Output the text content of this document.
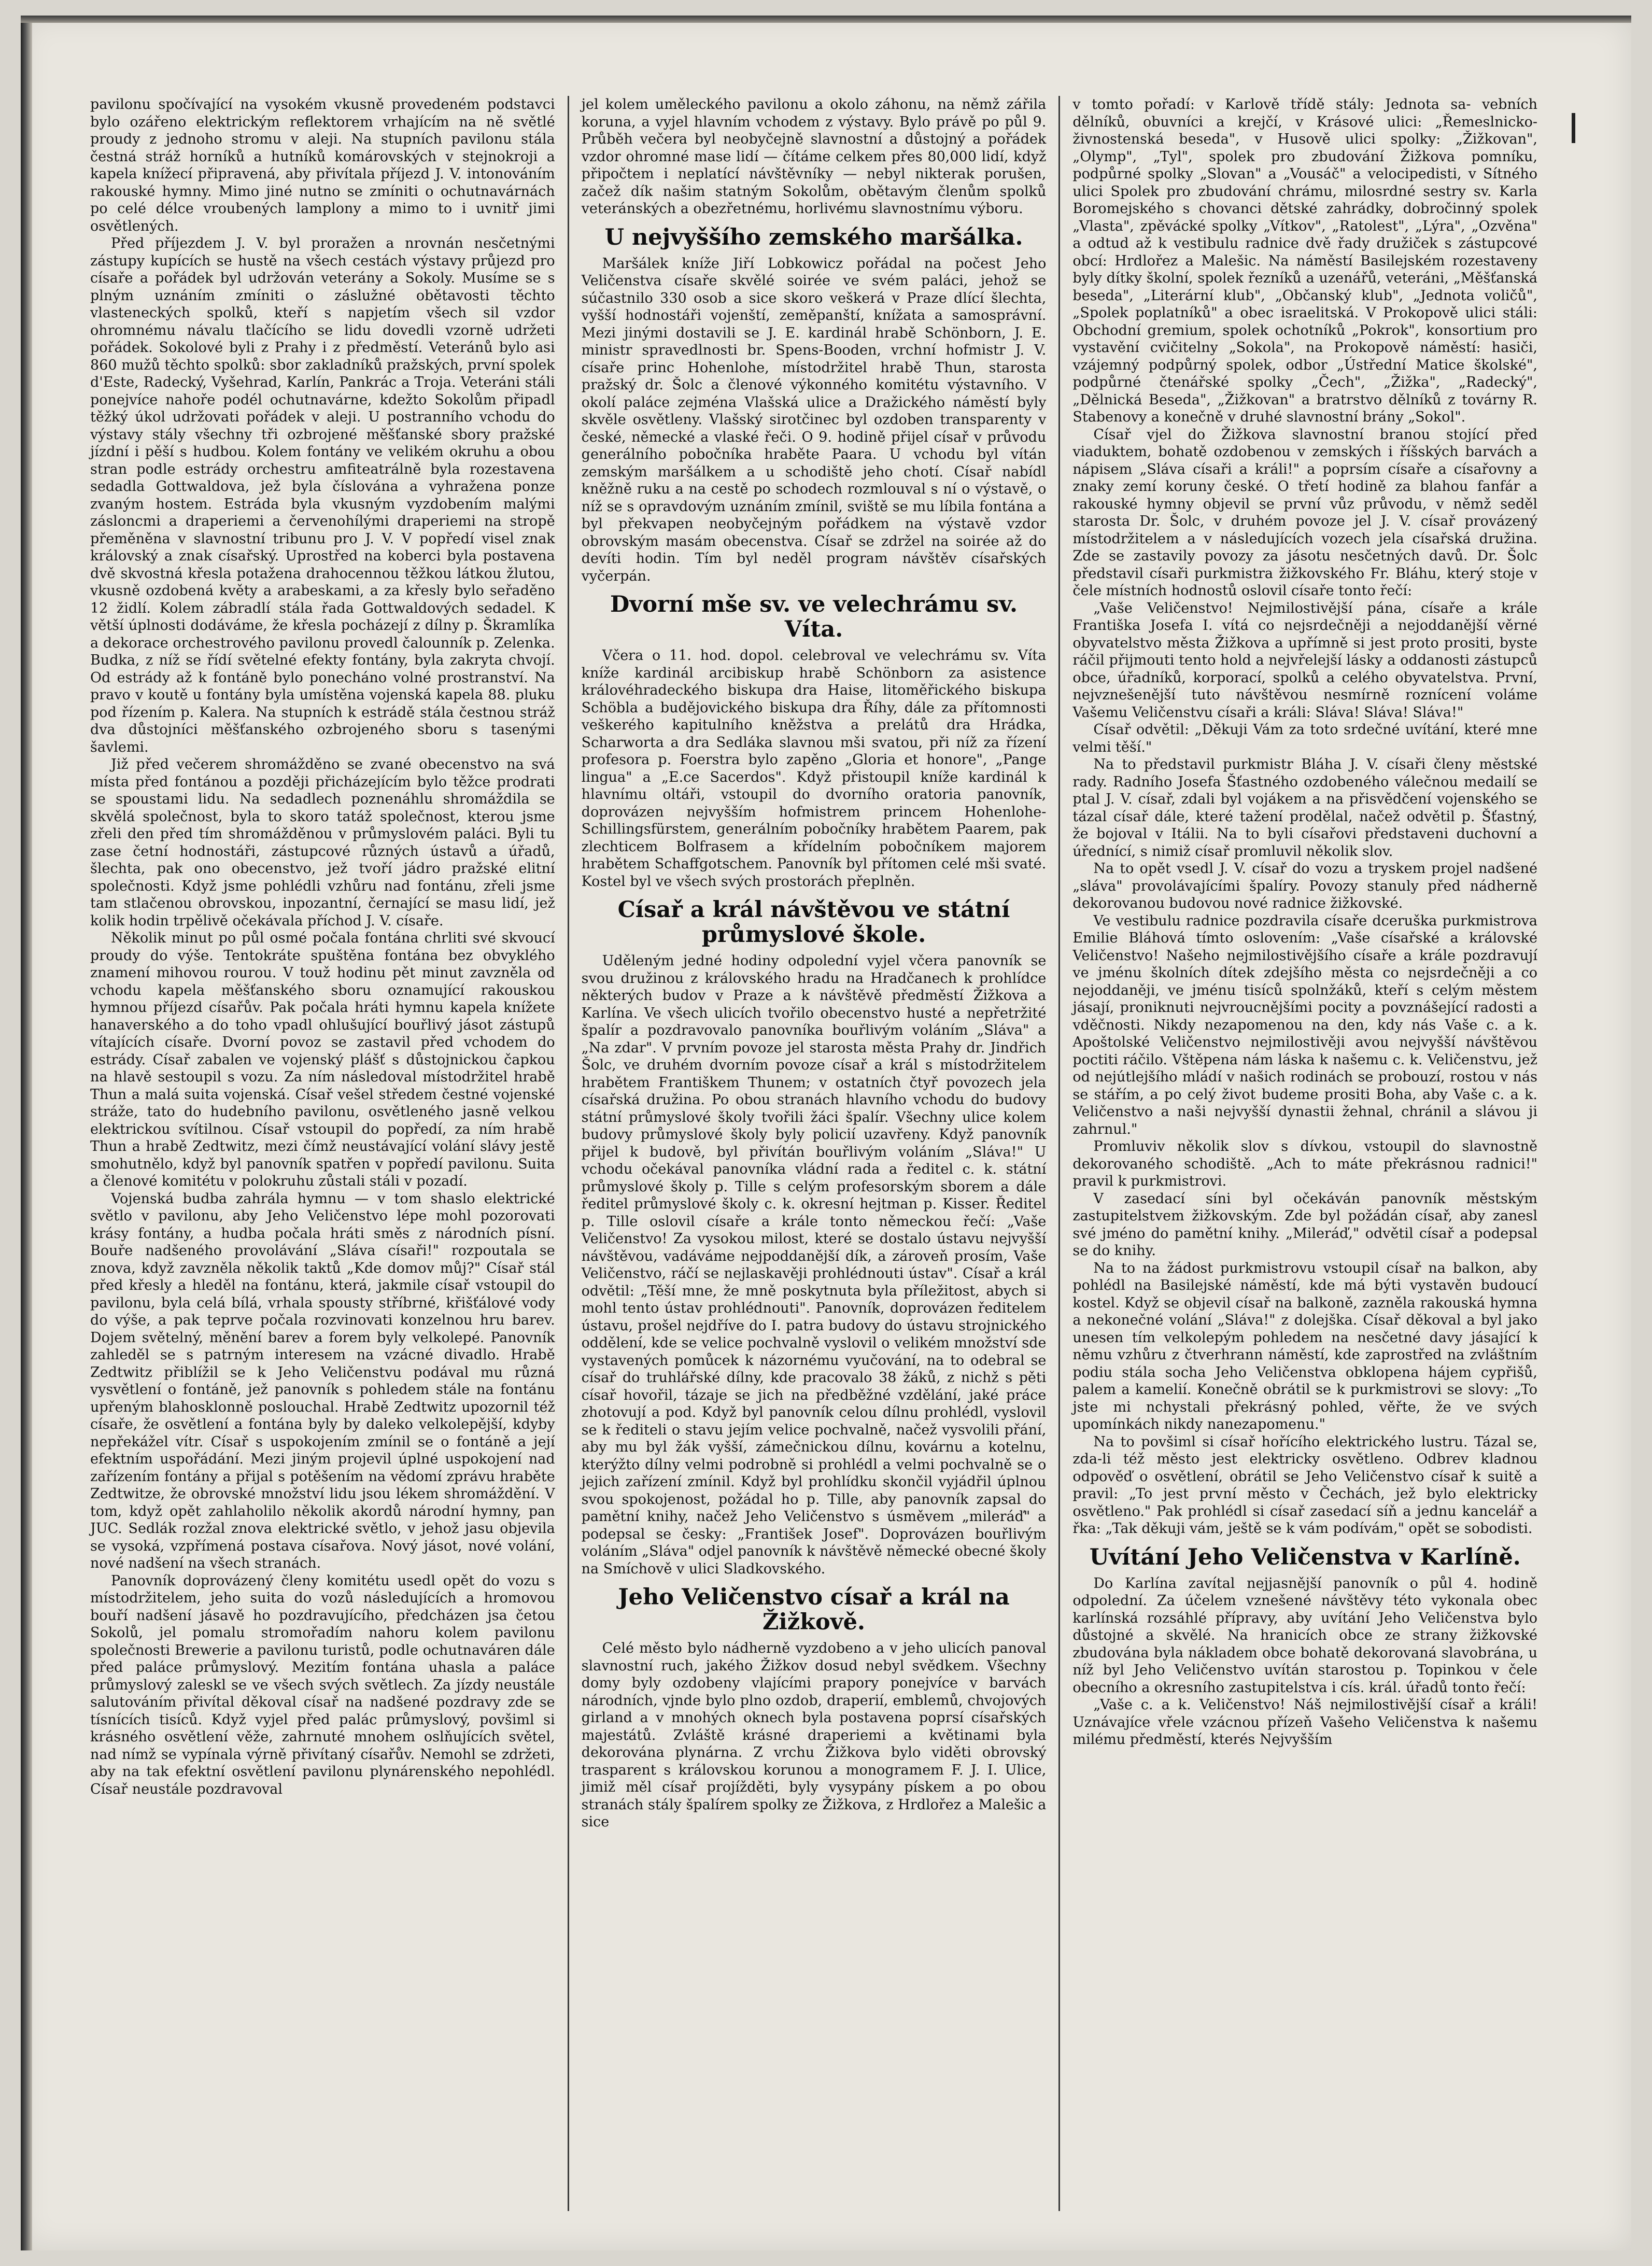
pavilonu spočívající na vysokém vkusně provedeném podstavci bylo ozářeno elektrickým reflektorem vrhajícím na ně světlé proudy z jednoho stromu v aleji. Na stupních pavilonu stála čestná stráž horníků a hutníků komárovských v stejnokroji a kapela knížecí připravená, aby přivítala příjezd J. V. intonováním rakouské hymny. Mimo jiné nutno se zmíniti o ochutnavárnách po celé délce vroubených lamplony a mimo to i uvnitř jimi osvětlených.

Před příjezdem J. V. byl proražen a nrovnán nesčetnými zástupy kupících se hustě na všech cestách výstavy průjezd pro císaře a pořádek byl udržován veterány a Sokoly. Musíme se s plným uznáním zmíniti o záslužné obětavosti těchto vlasteneckých spolků, kteří s napjetím všech sil vzdor ohromnému návalu tlačícího se lidu dovedli vzorně udržeti pořádek. Sokolové byli z Prahy i z předměstí. Veteránů bylo asi 860 mužů těchto spolků: sbor zakladníků pražských, první spolek d'Este, Radecký, Vyšehrad, Karlín, Pankrác a Troja. Veteráni stáli ponejvíce nahoře podél ochutnavárne, kdežto Sokolům připadl těžký úkol udržovati pořádek v aleji. U postranního vchodu do výstavy stály všechny tři ozbrojené měšťanské sbory pražské jízdní i pěší s hudbou. Kolem fontány ve velikém okruhu a obou stran podle estrády orchestru amfiteatrálně byla rozestavena sedadla Gottwaldova, jež byla číslována a vyhražena ponze zvaným hostem. Estráda byla vkusným vyzdobením malými zásloncmi a draperiemi a červenohílými draperiemi na stropě přeměněna v slavnostní tribunu pro J. V. V popředí visel znak královský a znak císařský. Uprostřed na koberci byla postavena dvě skvostná křesla potažena drahocennou těžkou látkou žlutou, vkusně ozdobená květy a arabeskami, a za křesly bylo seřaděno 12 židlí. Kolem zábradlí stála řada Gottwaldových sedadel. K větší úplnosti dodáváme, že křesla pocházejí z dílny p. Škramlíka a dekorace orchestrového pavilonu provedl čalounník p. Zelenka. Budka, z níž se řídí světelné efekty fontány, byla zakryta chvojí. Od estrády až k fontáně bylo ponecháno volné prostranství. Na pravo v koutě u fontány byla umístěna vojenská kapela 88. pluku pod řízením p. Kalera. Na stupních k estrádě stála čestnou stráž dva důstojníci měšťanského ozbrojeného sboru s tasenými šavlemi.

Již před večerem shromážděno se zvané obecenstvo na svá místa před fontánou a později přicházejícím bylo těžce prodrati se spoustami lidu. Na sedadlech poznenáhlu shromáždila se skvělá společnost, byla to skoro tatáž společnost, kterou jsme zřeli den před tím shromážděnou v průmyslovém paláci. Byli tu zase četní hodnostáři, zástupcové různých ústavů a úřadů, šlechta, pak ono obecenstvo, jež tvoří jádro pražské elitní společnosti. Když jsme pohlédli vzhůru nad fontánu, zřeli jsme tam stlačenou obrovskou, inpozantní, černající se masu lidí, jež kolik hodin trpělivě očekávala příchod J. V. císaře.

Několik minut po půl osmé počala fontána chrliti své skvoucí proudy do výše. Tentokráte spuštěna fontána bez obvyklého znamení mihovou rourou. V touž hodinu pět minut zavzněla od vchodu kapela měšťanského sboru oznamující rakouskou hymnou příjezd císařův. Pak počala hráti hymnu kapela knížete hanaverského a do toho vpadl ohlušující bouřlivý jásot zástupů vítajících císaře. Dvorní povoz se zastavil před vchodem do estrády. Císař zabalen ve vojenský plášť s důstojnickou čapkou na hlavě sestoupil s vozu. Za ním následoval místodržitel hrabě Thun a malá suita vojenská. Císař vešel středem čestné vojenské stráže, tato do hudebního pavilonu, osvětleného jasně velkou elektrickou svítilnou. Císař vstoupil do popředí, za ním hrabě Thun a hrabě Zedtwitz, mezi čímž neustávající volání slávy jestě smohutnělo, když byl panovník spatřen v popředí pavilonu. Suita a členové komitétu v polokruhu zůstali stáli v pozadí.

Vojenská budba zahrála hymnu — v tom shaslo elektrické světlo v pavilonu, aby Jeho Veličenstvo lépe mohl pozorovati krásy fontány, a hudba počala hráti směs z národních písní. Bouře nadšeného provolávání „Sláva císaři!" rozpoutala se znova, když zavzněla několik taktů „Kde domov můj?" Císař stál před křesly a hleděl na fontánu, která, jakmile císař vstoupil do pavilonu, byla celá bílá, vrhala spousty stříbrné, křišťálové vody do výše, a pak teprve počala rozvinovati konzelnou hru barev. Dojem světelný, měnění barev a forem byly velkolepé. Panovník zahleděl se s patrným interesem na vzácné divadlo. Hrabě Zedtwitz přiblížil se k Jeho Veličenstvu podával mu různá vysvětlení o fontáně, jež panovník s pohledem stále na fontánu upřeným blahosklonně poslouchal. Hrabě Zedtwitz upozornil též císaře, že osvětlení a fontána byly by dalekо velkolepější, kdyby nepřekážel vítr. Císař s uspokojením zmínil se o fontáně a její efektním uspořádání. Mezi jiným projevil úplné uspokojení nad zařízením fontány a přijal s potěšením na vědomí zprávu hraběte Zedtwitze, že obrovské množství lidu jsou lékem shromáždění. V tom, když opět zahlaholilo několik akordů národní hymny, pan JUC. Sedlák rozžal znova elektrické světlo, v jehož jasu objevila se vysoká, vzpřímená postava císařova. Nový jásot, nové volání, nové nadšení na všech stranách.

Panovník doprovázený členy komitétu usedl opět do vozu s místodržitelem, jeho suita do vozů následujících a hromovou bouří nadšení jásavě ho pozdravujícího, předcházen jsa četou Sokolů, jel pomalu stromořadím nahoru kolem pavilonu společnosti Brewerie a pavilonu turistů, podle ochutnaváren dále před paláce průmyslový. Mezitím fontána uhasla a paláce průmyslový zaleskl se ve všech svých světlech. Za jízdy neustále salutováním přivítal děkoval císař na nadšené pozdravy zde se tísnících tisíců. Když vyjel před palác průmyslový, povšiml si krásného osvětlení věže, zahrnuté mnohem oslňujících světel, nad nímž se vypínala výrně přivítaný císařův. Nemohl se zdržeti, aby na tak efektní osvětlení pavilonu plynárenského nepohlédl. Císař neustále pozdravoval

jel kolem uměleckého pavilonu a okolo záhonu, na němž zářila koruna, a vyjel hlavním vchodem z výstavy. Bylo právě po půl 9. Průběh večera byl neobyčejně slavnostní a důstojný a pořádek vzdor ohromné mase lidí — čítáme celkem přes 80,000 lidí, když připočtem i neplatící návštěvníky — nebyl nikterak porušen, začež dík našim statným Sokolům, obětavým členům spolků veteránských a obezřetnému, horlivému slavnostnímu výboru.

U nejvyššího zemského maršálka.

Maršálek kníže Jiří Lobkowicz pořádal na počest Jeho Veličenstva císaře skvělé soirée ve svém paláci, jehož se súčastnilo 330 osob a sice skoro veškerá v Praze dlící šlechta, vyšší hodnostáři vojenští, zeměpanští, knížata a samosprávní. Mezi jinými dostavili se J. E. kardinál hrabě Schönborn, J. E. ministr spravedlnosti br. Spens-Booden, vrchní hofmistr J. V. císaře princ Hohenlohe, místodržitel hrabě Thun, starosta pražský dr. Šolc a členové výkonného komitétu výstavního. V okolí paláce zejména Vlašská ulice a Dražického náměstí byly skvěle osvětleny. Vlašský sirotčinec byl ozdoben transparenty v české, německé a vlaské řeči. O 9. hodině přijel císař v průvodu generálního pobočníka hraběte Paara. U vchodu byl vítán zemským maršálkem a u schodiště jeho chotí. Císař nabídl kněžně ruku a na cestě po schodech rozmlouval s ní o výstavě, o níž se s opravdovým uznáním zmínil, sviště se mu líbila fontána a byl překvapen neobyčejným pořádkem na výstavě vzdor obrovským masám obecenstva. Císař se zdržel na soirée až do devíti hodin. Tím byl neděl program návštěv císařských vyčerpán.

Dvorní mše sv. ve velechrámu sv. Víta.

Včera o 11. hod. dopol. celebroval ve velechrámu sv. Víta kníže kardinál arcibiskup hrabě Schönborn za asistence královéhradeckého biskupa dra Haise, litoměřického biskupa Schöbla a budějovického biskupa dra Říhy, dále za přítomnosti veškerého kapitulního kněžstva a prelátů dra Hrádka, Scharworta a dra Sedláka slavnou mši svatou, při níž za řízení profesora p. Foerstra bylo zapěno „Gloria et honore", „Pange lingua" a „E.ce Sacerdos". Když přistoupil kníže kardinál k hlavnímu oltáři, vstoupil do dvorního oratoria panovník, doprovázen nejvyšším hofmistrem princem Hohenlohe-Schillingsfürstem, generálním pobočníky hrabětem Paarem, pak zlechticem Bolfrasem a křídelním pobočníkem majorem hrabětem Schaffgotschem. Panovník byl přítomen celé mši svaté. Kostel byl ve všech svých prostorách přeplněn.

Císař a král návštěvou ve státní průmyslové škole.

Uděleným jedné hodiny odpolední vyjel včera panovník se svou družinou z královského hradu na Hradčanech k prohlídce některých budov v Praze a k návštěvě předměstí Žižkova a Karlína. Ve všech ulicích tvořilo obecenstvo husté a nepřetržité špalír a pozdravovalo panovníka bouřlivým voláním „Sláva" a „Na zdar". V prvním povoze jel starosta města Prahy dr. Jindřich Šolc, ve druhém dvorním povoze císař a král s místodržitelem hrabětem Františkem Thunem; v ostatních čtyř povozech jela císařská družina. Po obou stranách hlavního vchodu do budovy státní průmyslové školy tvořili žáci špalír. Všechny ulice kolem budovy průmyslové školy byly policií uzavřeny. Když panovník přijel k budově, byl přivítán bouřlivým voláním „Sláva!" U vchodu očekával panovníka vládní rada a ředitel c. k. státní průmyslové školy p. Tille s celým profesorským sborem a dále ředitel průmyslové školy c. k. okresní hejtman p. Kisser. Ředitel p. Tille oslovil císaře a krále tonto německou řečí: „Vaše Veličenstvo! Za vysokou milost, které se dostalo ústavu nejvyšší návštěvou, vadáváme nejpoddanější dík, a zároveň prosím, Vaše Veličenstvo, ráčí se nejlaskavěji prohlédnouti ústav". Císař a král odvětil: „Těší mne, že mně poskytnuta byla příležitost, abych si mohl tento ústav prohlédnouti". Panovník, doprovázen ředitelem ústavu, prošel nejdříve do I. patra budovy do ústavu strojnického oddělení, kde se velice pochvalně vyslovil o velikém množství sde vystavených pomůcek k názornému vyučování, na to odebral se císař do truhlářské dílny, kde pracovalo 38 žáků, z nichž s pěti císař hovořil, tázaje se jich na předběžné vzdělání, jaké práce zhotovují a pod. Když byl panovník celou dílnu prohlédl, vyslovil se k řediteli o stavu jejím velice pochvalně, načež vysvolili přání, aby mu byl žák vyšší, zámečnickou dílnu, kovárnu a kotelnu, kterýžto dílny velmi podrobně si prohlédl a velmi pochvalně se o jejich zařízení zmínil. Když byl prohlídku skončil vyjádřil úplnou svou spokojenost, požádal ho p. Tille, aby panovník zapsal do pamětní knihy, načež Jeho Veličenstvo s úsměvem „mileráď" a podepsal se česky: „František Josef". Doprovázen bouřlivým voláním „Sláva" odjel panovník k návštěvě německé obecné školy na Smíchově v ulici Sladkovského.

Jeho Veličenstvo císař a král na Žižkově.

Celé město bylo nádherně vyzdobeno a v jeho ulicích panoval slavnostní ruch, jakého Žižkov dosud nebyl svědkem. Všechny domy byly ozdobeny vlajícími prapory ponejvíce v barvách národních, vjnde bylo plno ozdob, draperií, emblemů, chvojových girland a v mnohých oknech byla postavena poprsí císařských majestátů. Zvláště krásné draperiemi a květinami byla dekorována plynárna. Z vrchu Žižkova bylo viděti obrovský trasparent s královskou korunou a monogramem F. J. I. Ulice, jimiž měl císař projížděti, byly vysypány pískem a po obou stranách stály špalírem spolky ze Žižkova, z Hrdlořez a Malešic a sice

v tomto pořadí: v Karlově třídě stály: Jednota sa- vebních dělníků, obuvníci a krejčí, v Krásové ulici: „Řemeslnicko-živnostenská beseda", v Husově ulici spolky: „Žižkovan", „Olymp", „Tyl", spolek pro zbudování Žižkova pomníku, podpůrné spolky „Slovan" a „Vousáč" a velocipedisti, v Sítného ulici Spolek pro zbudování chrámu, milosrdné sestry sv. Karla Boromejského s chovanci dětské zahrádky, dobročinný spolek „Vlasta", zpěvácké spolky „Vítkov", „Ratolest", „Lýra", „Ozvěna" a odtud až k vestibulu radnice dvě řady družiček s zástupcové obcí: Hrdlořez a Malešic. Na náměstí Basilejském rozestaveny byly dítky školní, spolek řezníků a uzenářů, veteráni, „Měšťanská beseda", „Literární klub", „Občanský klub", „Jednota voličů", „Spolek poplatníků" a obec israelitská. V Prokopově ulici stáli: Obchodní gremium, spolek ochotníků „Pokrok", konsortium pro vystavění cvičitelny „Sokola", na Prokopově náměstí: hasiči, vzájemný podpůrný spolek, odbor „Ústřední Matice školské", podpůrné čtenářské spolky „Čech", „Žižka", „Radecký", „Dělnická Beseda", „Žižkovan" a bratrstvo dělníků z továrny R. Stabenovy a konečně v druhé slavnostní brány „Sokol".

Císař vjel do Žižkova slavnostní branou stojící před viaduktem, bohatě ozdobenou v zemských i říšských barvách a nápisem „Sláva císaři a králi!" a poprsím císaře a císařovny a znaky zemí koruny české. O třetí hodině za blahou fanfár a rakouské hymny objevil se první vůz průvodu, v němž seděl starosta Dr. Šolc, v druhém povoze jel J. V. císař provázený místodržitelem a v následujících vozech jela císařská družina. Zde se zastavily povozy za jásotu nesčetných davů. Dr. Šolc představil císaři purkmistra žižkovského Fr. Bláhu, který stoje v čele místních hodnostů oslovil císaře tonto řečí:

„Vaše Veličenstvo! Nejmilostivější pána, císaře a krále Františka Josefa I. vítá co nejsrdečněji a nejoddanější věrné obyvatelstvo města Žižkova a upřímně si jest proto prositi, byste ráčil přijmouti tento hold a nejvřelejší lásky a oddanosti zástupců obce, úřadníků, korporací, spolků a celého obyvatelstva. První, nejvznešenější tuto návštěvou nesmírně roznícení voláme Vašemu Veličenstvu císaři a králi: Sláva! Sláva! Sláva!"

Císař odvětil: „Děkuji Vám za toto srdečné uvítání, které mne velmi těší."

Na to představil purkmistr Bláha J. V. císaři členy městské rady. Radního Josefa Šťastného ozdobeného válečnou medailí se ptal J. V. císař, zdali byl vojákem a na přisvědčení vojenského se tázal císař dále, které tažení prodělal, načež odvětil p. Šťastný, že bojoval v Itálii. Na to byli císařovi představeni duchovní a úřednící, s nimiž císař promluvil několik slov.

Na to opět vsedl J. V. císař do vozu a tryskem projel nadšené „sláva" provolávajícími špalíry. Povozy stanuly před nádherně dekorovanou budovou nové radnice žižkovské.

Ve vestibulu radnice pozdravila císaře dceruška purkmistrova Emilie Bláhová tímto oslovením: „Vaše císařské a královské Veličenstvo! Našeho nejmilostivějšího císaře a krále pozdravují ve jménu školních dítek zdejšího města co nejsrdečněji a co nejoddaněji, ve jménu tisíců spolnžáků, kteří s celým městem jásají, proniknuti nejvroucnějšími pocity a povznášející radosti a vděčnosti. Nikdy nezapomenou na den, kdy nás Vaše c. a k. Apoštolské Veličenstvo nejmilostivěji avou nejvyšší návštěvou poctiti ráčilo. Vštěpena nám láska k našemu c. k. Veličenstvu, jež od nejútlejšího mládí v našich rodinách se probouzí, rostou v nás se stářím, a po celý život budeme prositi Boha, aby Vaše c. a k. Veličenstvo a naši nejvyšší dynastii žehnal, chránil a slávou ji zahrnul."

Promluviv několik slov s dívkou, vstoupil do slavnostně dekorovaného schodiště. „Ach to máte překrásnou radnici!" pravil k purkmistrovi.

V zasedací síni byl očekáván panovník městským zastupitelstvem žižkovským. Zde byl požádán císař, aby zanesl své jméno do pamětní knihy. „Mileráď," odvětil císař a podepsal se do knihy.

Na to na žádost purkmistrovu vstoupil císař na balkon, aby pohlédl na Basilejské náměstí, kde má býti vystavěn budoucí kostel. Když se objevil císař na balkoně, zazněla rakouská hymna a nekonečné volání „Sláva!" z dolejška. Císař děkoval a byl jako unesen tím velkolepým pohledem na nesčetné davy jásající k němu vzhůru z čtverhrann náměstí, kde zaprostřed na zvláštním podiu stála socha Jeho Veličenstva obklopena hájem cypřišů, palem a kamelií. Konečně obrátil se k purkmistrovi se slovy: „To jste mi nchystali překrásný pohled, věřte, že ve svých upomínkách nikdy nanezapomenu."

Na to povšiml si císař hořícího elektrického lustru. Tázal se, zda-li též město jest elektricky osvětleno. Odbrev kladnou odpověď o osvětlení, obrátil se Jeho Veličenstvo císař k suitě a pravil: „To jest první město v Čechách, jež bylo elektricky osvětleno." Pak prohlédl si císař zasedací síň a jednu kancelář a řka: „Tak děkuji vám, ještě se k vám podívám," opět se sobodisti.

Uvítání Jeho Veličenstva v Karlíně.

Do Karlína zavítal nejjasnější panovník o půl 4. hodině odpolední. Za účelem vznešené návštěvy této vykonala obec karlínská rozsáhlé přípravy, aby uvítání Jeho Veličenstva bylo důstojné a skvělé. Na hranicích obce ze strany žižkovské zbudována byla nákladem obce bohatě dekorovaná slavobrána, u níž byl Jeho Veličenstvo uvítán starostou p. Topinkou v čele obecního a okresního zastupitelstva i cís. král. úřadů tonto řečí:

„Vaše c. a k. Veličenstvo! Náš nejmilostivější císař a králi! Uznávajíce vřele vzácnou přízeň Vašeho Veličenstva k našemu milému předměstí, kterés Nejvyšším
